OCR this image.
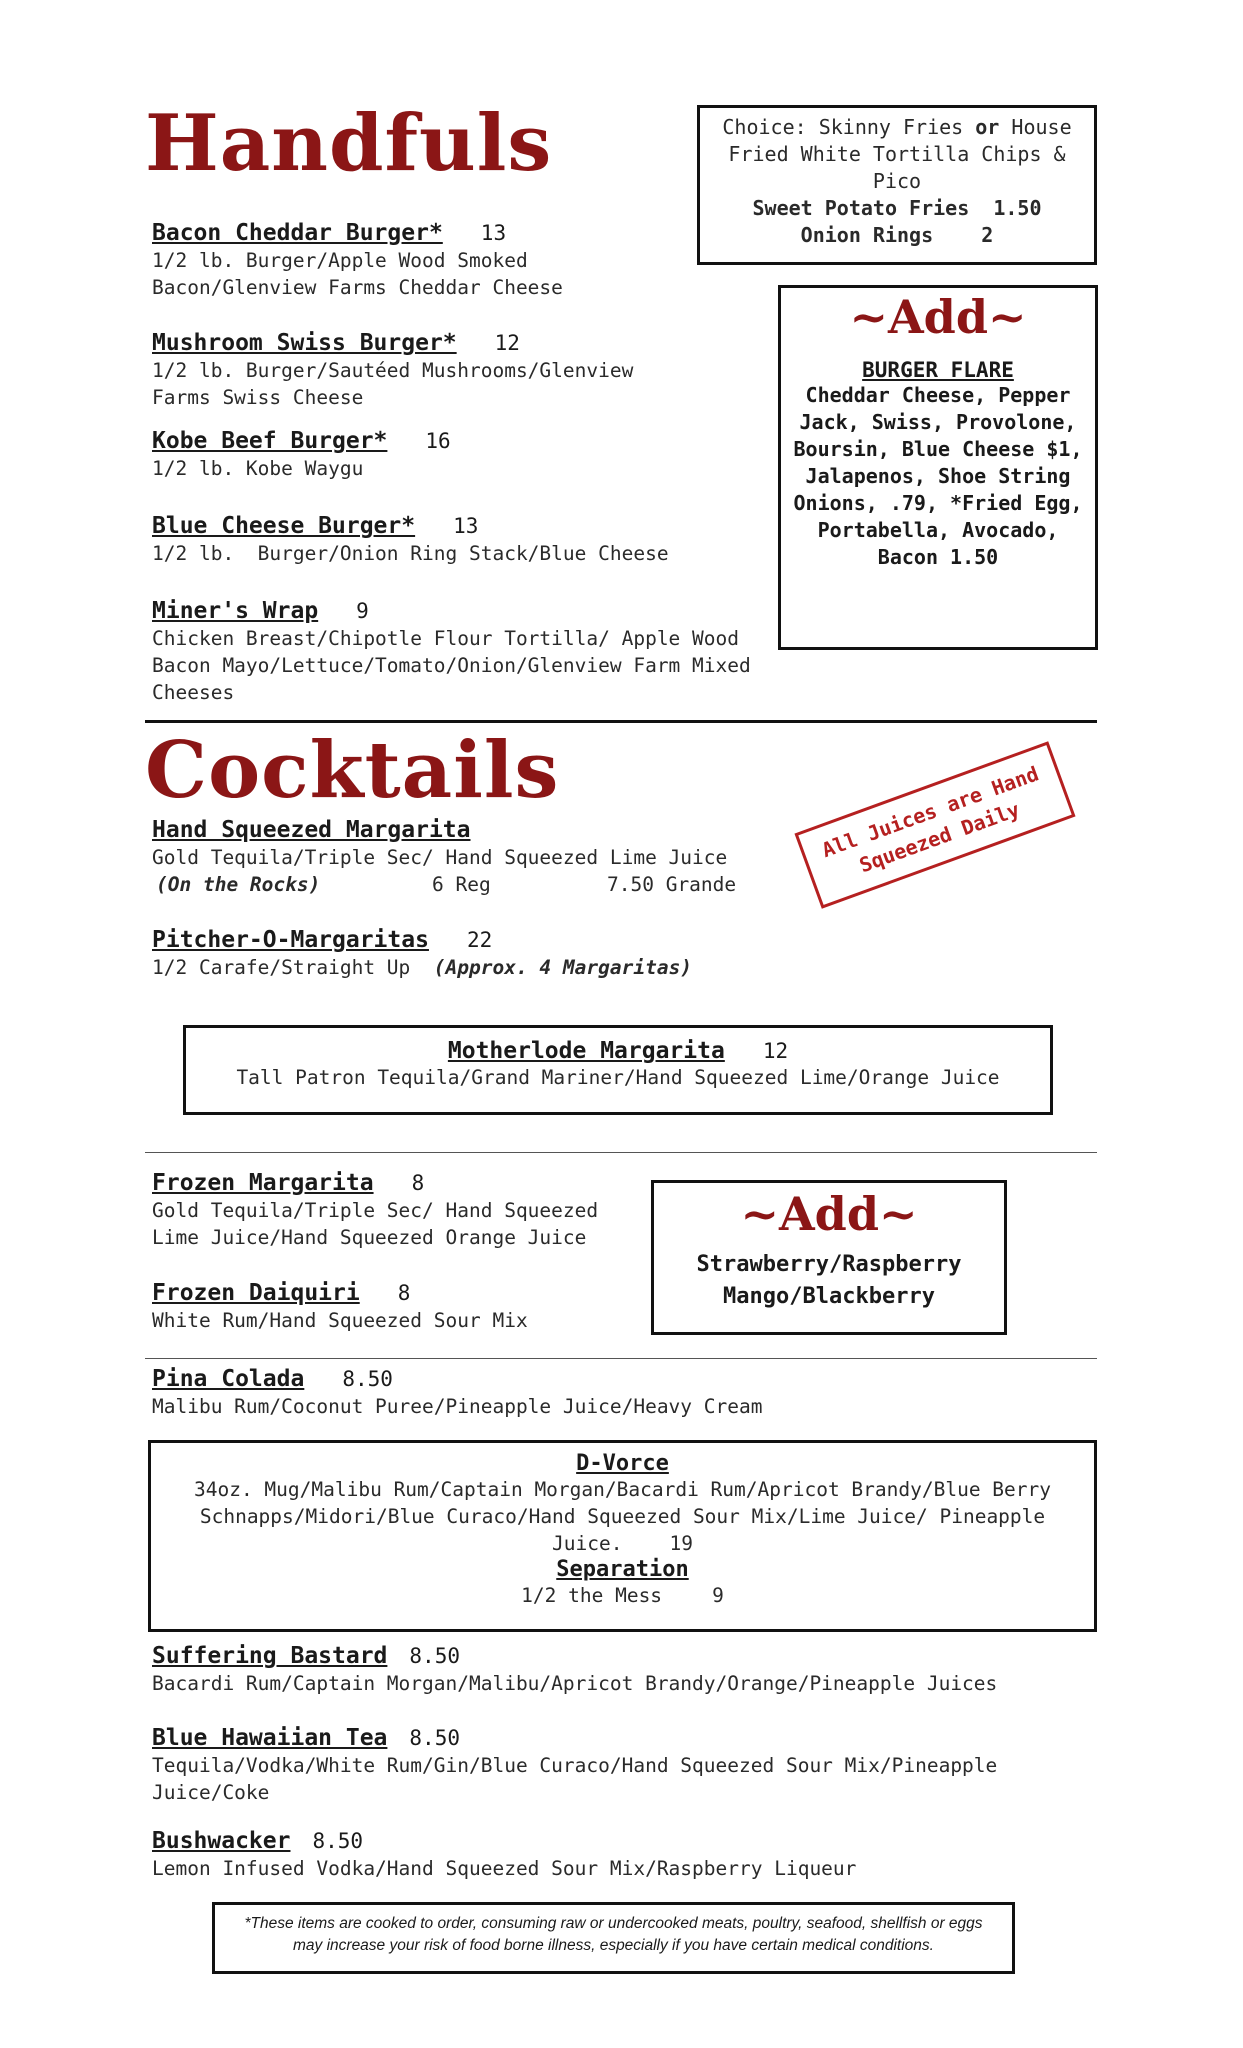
Handfuls
Bacon Cheddar Burger* 13
1/2 lb. Burger/Apple Wood Smoked Bacon/Glenview Farms Cheddar Cheese
Mushroom Swiss Burger* 12
1/2 lb. Burger/Sautéed Mushrooms/Glenview Farms Swiss Cheese
Kobe Beef Burger* 16
1/2 lb. Kobe Waygu
Blue Cheese Burger* 13
1/2 lb.  Burger/Onion Ring Stack/Blue Cheese
Miner's Wrap 9
Chicken Breast/Chipotle Flour Tortilla/ Apple Wood Bacon Mayo/Lettuce/Tomato/Onion/Glenview Farm Mixed Cheeses
Choice: Skinny Fries or House Fried White Tortilla Chips & Pico
Sweet Potato Fries  1.50
Onion Rings    2
~Add~
BURGER FLARE
Cheddar Cheese, Pepper Jack, Swiss, Provolone, Boursin, Blue Cheese $1, Jalapenos, Shoe String Onions, .79, *Fried Egg, Portabella, Avocado, Bacon 1.50
Cocktails	All Juices are Hand Squeezed Daily
Hand Squeezed Margarita
Gold Tequila/Triple Sec/ Hand Squeezed Lime Juice
(On the Rocks)	6 Reg	7.50 Grande
Pitcher-O-Margaritas 22
1/2 Carafe/Straight Up (Approx. 4 Margaritas)
Motherlode Margarita 12
Tall Patron Tequila/Grand Mariner/Hand Squeezed Lime/Orange Juice
Frozen Margarita 8
Gold Tequila/Triple Sec/ Hand Squeezed Lime Juice/Hand Squeezed Orange Juice
Frozen Daiquiri 8
White Rum/Hand Squeezed Sour Mix
~Add~
Strawberry/Raspberry
Mango/Blackberry
Pina Colada 8.50
Malibu Rum/Coconut Puree/Pineapple Juice/Heavy Cream
D-Vorce
34oz. Mug/Malibu Rum/Captain Morgan/Bacardi Rum/Apricot Brandy/Blue Berry Schnapps/Midori/Blue Curaco/Hand Squeezed Sour Mix/Lime Juice/ Pineapple Juice. 19
Separation
1/2 the Mess	9
Suffering Bastard 8.50
Bacardi Rum/Captain Morgan/Malibu/Apricot Brandy/Orange/Pineapple Juices
Blue Hawaiian Tea 8.50
Tequila/Vodka/White Rum/Gin/Blue Curaco/Hand Squeezed Sour Mix/Pineapple Juice/Coke
Bushwacker 8.50
Lemon Infused Vodka/Hand Squeezed Sour Mix/Raspberry Liqueur
*These items are cooked to order, consuming raw or undercooked meats, poultry, seafood, shellfish or eggs may increase your risk of food borne illness, especially if you have certain medical conditions.
